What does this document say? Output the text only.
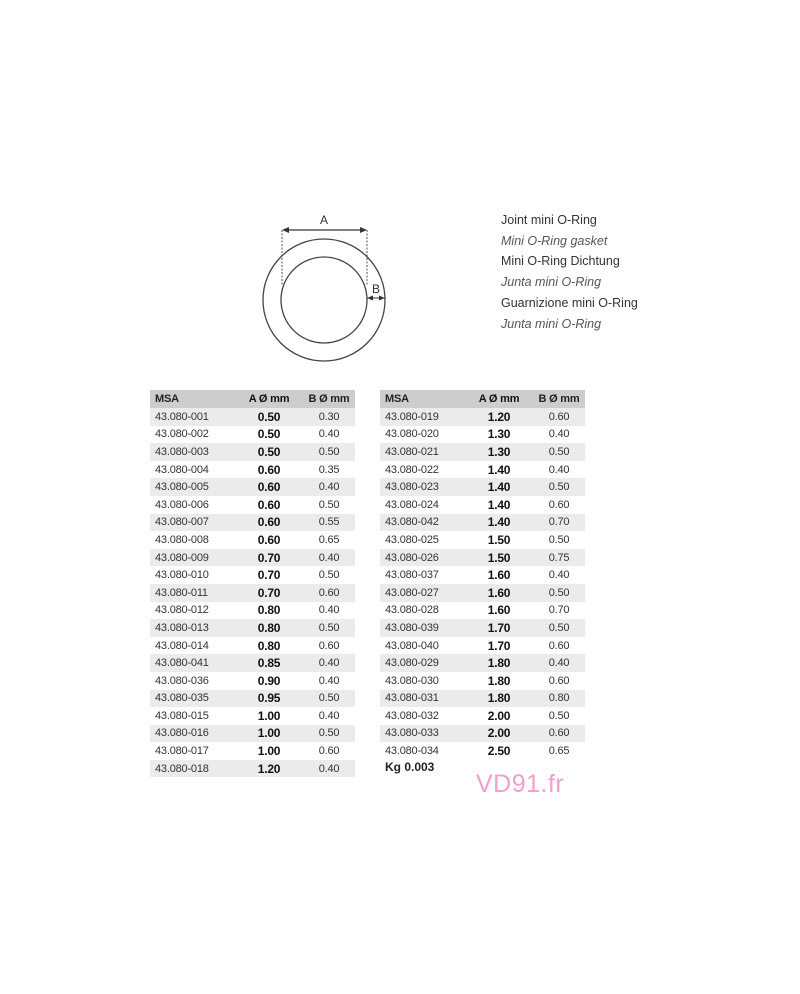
A
B
Joint mini O-Ring
Mini O-Ring gasket
Mini O-Ring Dichtung
Junta mini O-Ring
Guarnizione mini O-Ring
Junta mini O-Ring
MSA	A Ø mm	B Ø mm
43.080-001	0.50	0.30
43.080-002	0.50	0.40
43.080-003	0.50	0.50
43.080-004	0.60	0.35
43.080-005	0.60	0.40
43.080-006	0.60	0.50
43.080-007	0.60	0.55
43.080-008	0.60	0.65
43.080-009	0.70	0.40
43.080-010	0.70	0.50
43.080-011	0.70	0.60
43.080-012	0.80	0.40
43.080-013	0.80	0.50
43.080-014	0.80	0.60
43.080-041	0.85	0.40
43.080-036	0.90	0.40
43.080-035	0.95	0.50
43.080-015	1.00	0.40
43.080-016	1.00	0.50
43.080-017	1.00	0.60
43.080-018	1.20	0.40
MSA	A Ø mm	B Ø mm
43.080-019	1.20	0.60
43.080-020	1.30	0.40
43.080-021	1.30	0.50
43.080-022	1.40	0.40
43.080-023	1.40	0.50
43.080-024	1.40	0.60
43.080-042	1.40	0.70
43.080-025	1.50	0.50
43.080-026	1.50	0.75
43.080-037	1.60	0.40
43.080-027	1.60	0.50
43.080-028	1.60	0.70
43.080-039	1.70	0.50
43.080-040	1.70	0.60
43.080-029	1.80	0.40
43.080-030	1.80	0.60
43.080-031	1.80	0.80
43.080-032	2.00	0.50
43.080-033	2.00	0.60
43.080-034	2.50	0.65
Kg 0.003
VD91.fr
